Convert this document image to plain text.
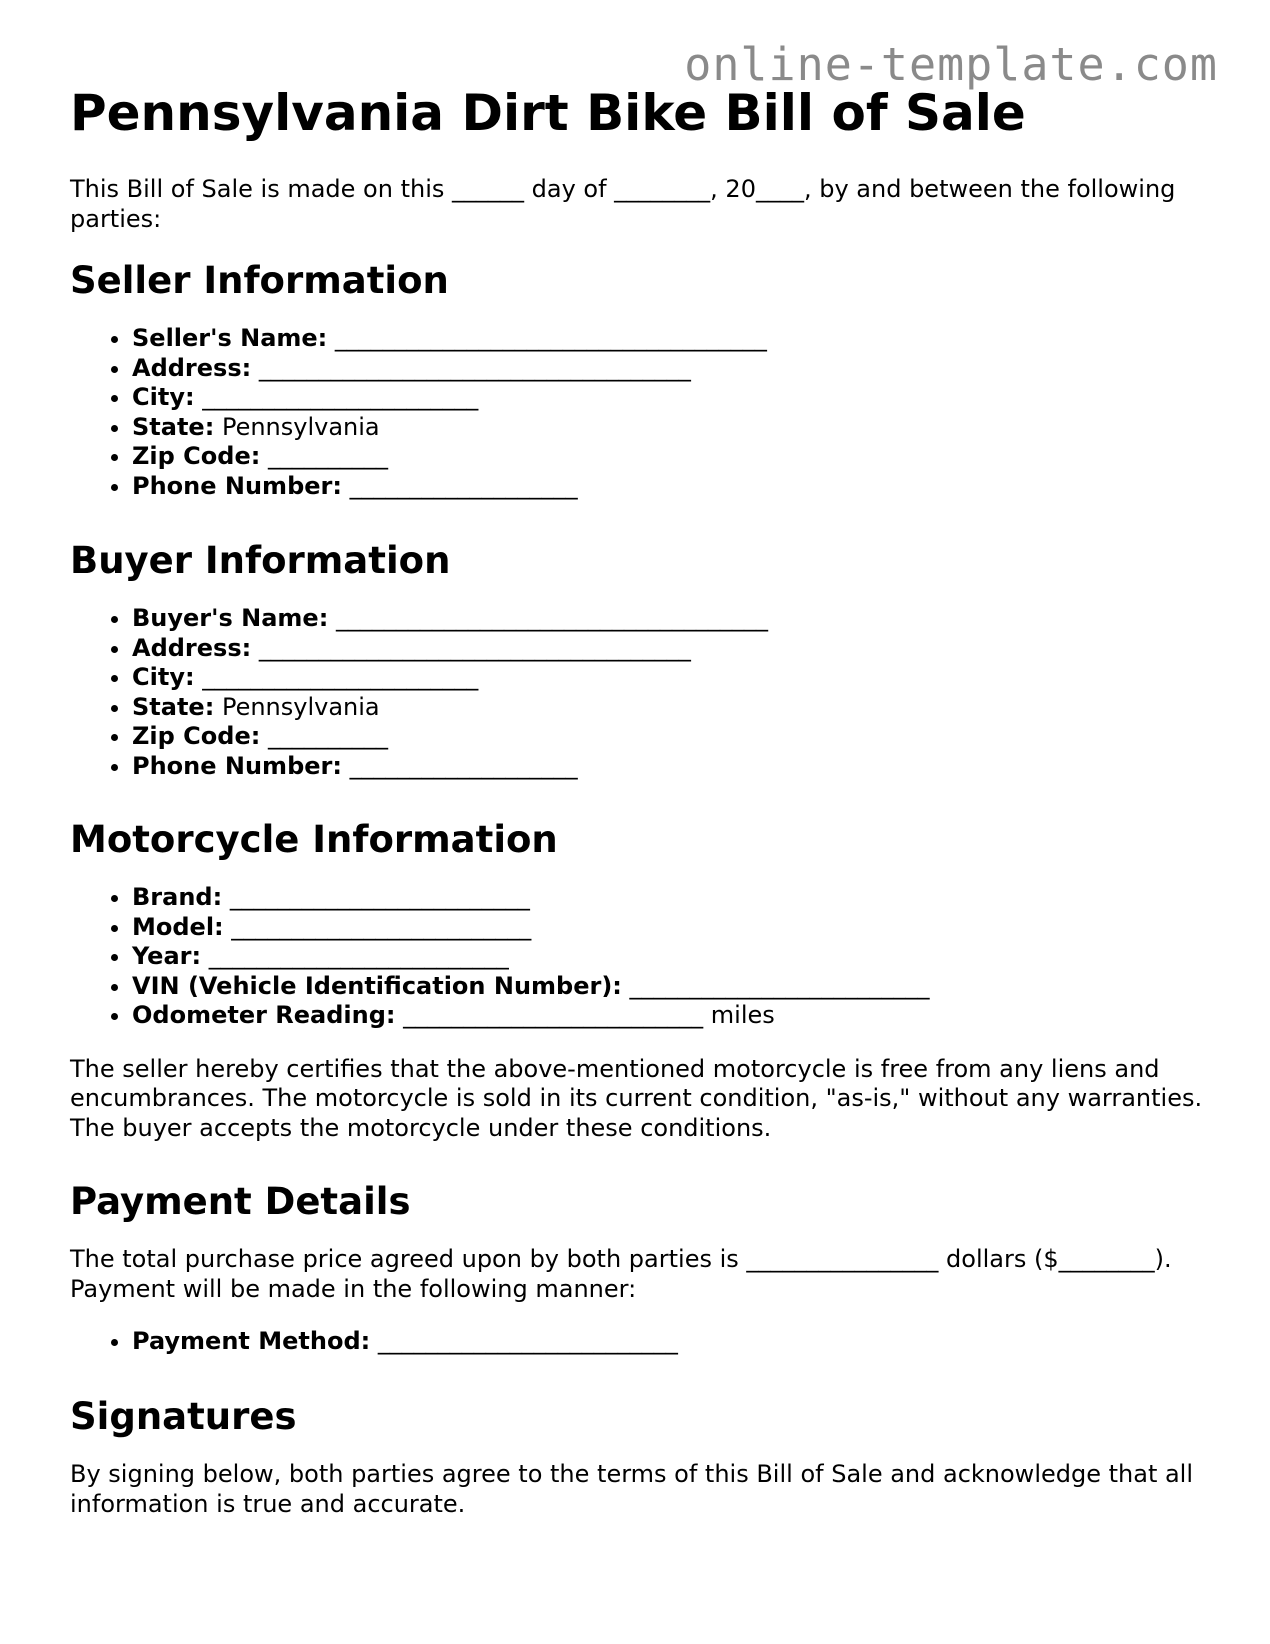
online-template.com
Pennsylvania Dirt Bike Bill of Sale

This Bill of Sale is made on this ______ day of ________, 20____, by and between the following parties:

Seller Information
• Seller's Name: ____________________________________
• Address: ____________________________________
• City: _______________________
• State: Pennsylvania
• Zip Code: __________
• Phone Number: ___________________
Buyer Information
• Buyer's Name: ____________________________________
• Address: ____________________________________
• City: _______________________
• State: Pennsylvania
• Zip Code: __________
• Phone Number: ___________________
Motorcycle Information
• Brand: _________________________
• Model: _________________________
• Year: _________________________
• VIN (Vehicle Identification Number): _________________________
• Odometer Reading: _________________________ miles

The seller hereby certifies that the above-mentioned motorcycle is free from any liens and encumbrances. The motorcycle is sold in its current condition, "as-is," without any warranties. The buyer accepts the motorcycle under these conditions.

Payment Details

The total purchase price agreed upon by both parties is ________________ dollars ($________). Payment will be made in the following manner:

• Payment Method: _________________________
Signatures

By signing below, both parties agree to the terms of this Bill of Sale and acknowledge that all information is true and accurate.
